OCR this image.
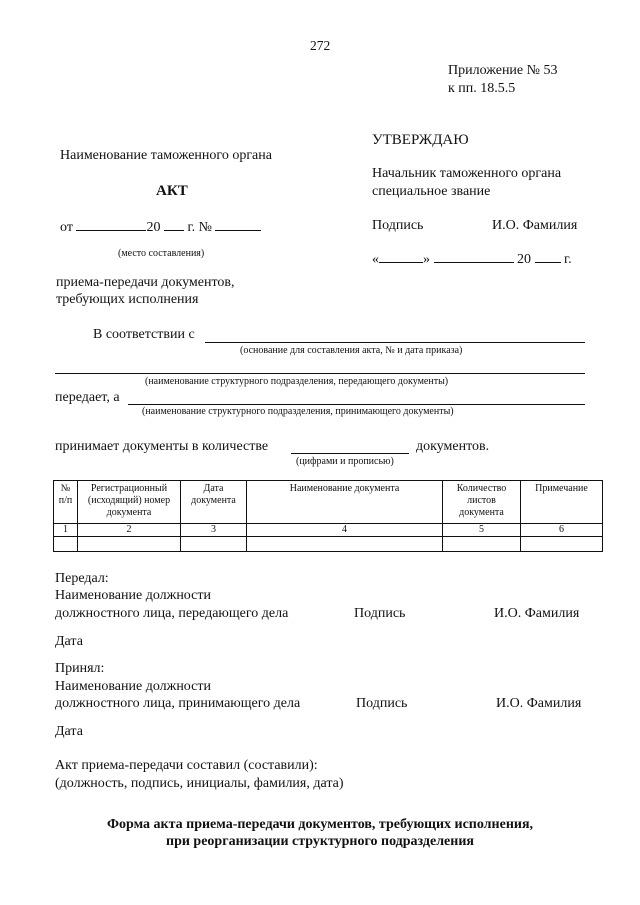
272
Приложение № 53
к пп. 18.5.5
УТВЕРЖДАЮ
Начальник таможенного органа
специальное звание
Подпись	И.О. Фамилия
«	»	20 г.
Наименование таможенного органа
АКТ
от	20 г. №
(место составления)
приема-передачи документов,
требующих исполнения
В соответствии с
(основание для составления акта, № и дата приказа)
(наименование структурного подразделения, передающего документы)
передает, а
(наименование структурного подразделения, принимающего документы)
принимает документы в количестве	документов.
(цифрами и прописью)
№ п/п	Регистрационный (исходящий) номер документа	Дата документа	Наименование документа	Количество листов документа	Примечание
1	2	3	4	5	6

Передал:
Наименование должности
должностного лица, передающего дела	Подпись	И.О. Фамилия
Дата
Принял:
Наименование должности
должностного лица, принимающего дела	Подпись	И.О. Фамилия
Дата
Акт приема-передачи составил (составили):
(должность, подпись, инициалы, фамилия, дата)
Форма акта приема-передачи документов, требующих исполнения,
при реорганизации структурного подразделения
